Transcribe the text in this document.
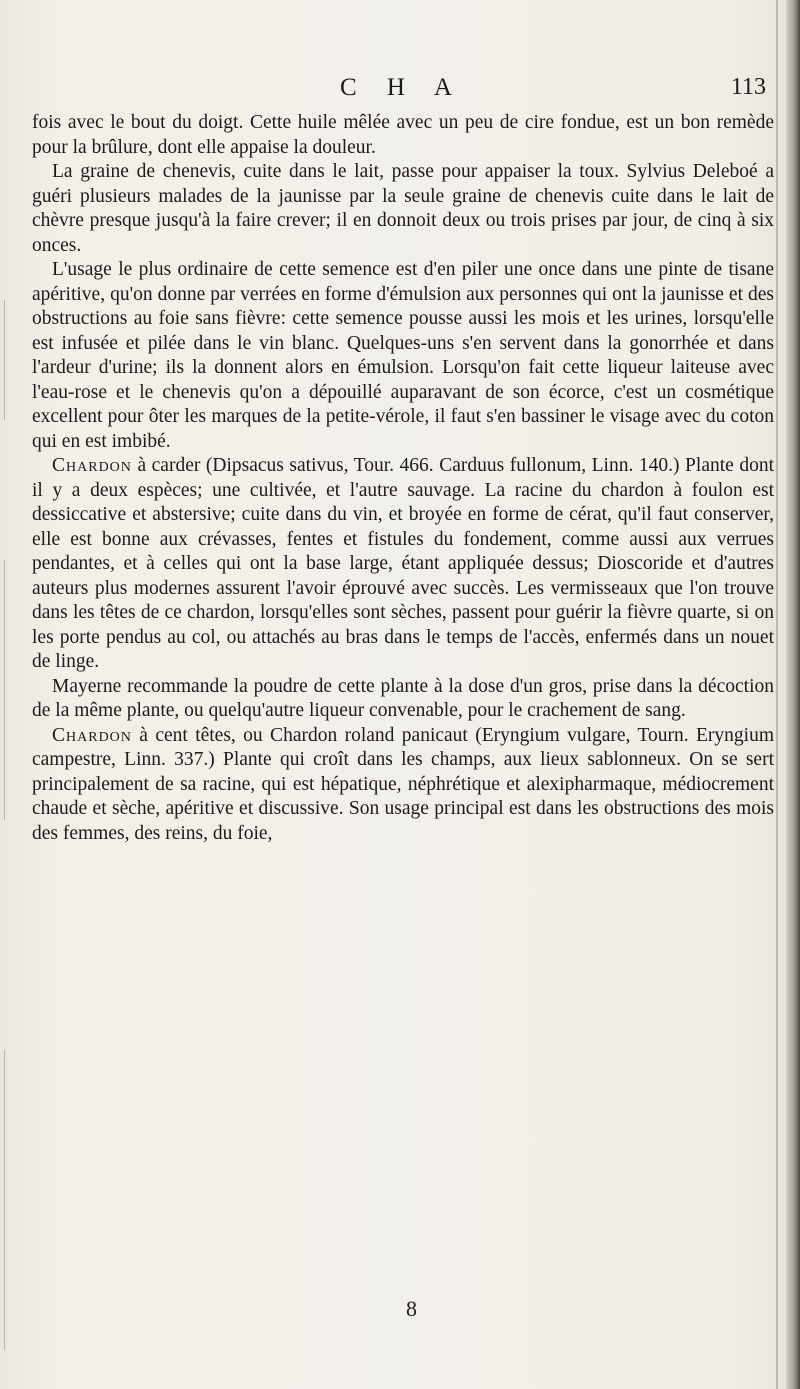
C H A	113

fois avec le bout du doigt. Cette huile mêlée avec un peu de cire fondue, est un bon remède pour la brûlure, dont elle appaise la douleur.

La graine de chenevis, cuite dans le lait, passe pour appaiser la toux. Sylvius Deleboé a guéri plusieurs malades de la jaunisse par la seule graine de chenevis cuite dans le lait de chèvre presque jusqu'à la faire crever; il en donnoit deux ou trois prises par jour, de cinq à six onces.

L'usage le plus ordinaire de cette semence est d'en piler une once dans une pinte de tisane apéritive, qu'on donne par verrées en forme d'émulsion aux personnes qui ont la jaunisse et des obstructions au foie sans fièvre: cette semence pousse aussi les mois et les urines, lorsqu'elle est infusée et pilée dans le vin blanc. Quelques-uns s'en servent dans la gonorrhée et dans l'ardeur d'urine; ils la donnent alors en émulsion. Lorsqu'on fait cette liqueur laiteuse avec l'eau-rose et le chenevis qu'on a dépouillé auparavant de son écorce, c'est un cosmétique excellent pour ôter les marques de la petite-vérole, il faut s'en bassiner le visage avec du coton qui en est imbibé.

Chardon à carder (Dipsacus sativus, Tour. 466. Carduus fullonum, Linn. 140.) Plante dont il y a deux espèces; une cultivée, et l'autre sauvage. La racine du chardon à foulon est dessiccative et abstersive; cuite dans du vin, et broyée en forme de cérat, qu'il faut conserver, elle est bonne aux crévasses, fentes et fistules du fondement, comme aussi aux verrues pendantes, et à celles qui ont la base large, étant appliquée dessus; Dioscoride et d'autres auteurs plus modernes assurent l'avoir éprouvé avec succès. Les vermisseaux que l'on trouve dans les têtes de ce chardon, lorsqu'elles sont sèches, passent pour guérir la fièvre quarte, si on les porte pendus au col, ou attachés au bras dans le temps de l'accès, enfermés dans un nouet de linge.

Mayerne recommande la poudre de cette plante à la dose d'un gros, prise dans la décoction de la même plante, ou quelqu'autre liqueur convenable, pour le crachement de sang.

Chardon à cent têtes, ou Chardon roland panicaut (Eryngium vulgare, Tourn. Eryngium campestre, Linn. 337.) Plante qui croît dans les champs, aux lieux sablonneux. On se sert principalement de sa racine, qui est hépatique, néphrétique et alexipharmaque, médiocrement chaude et sèche, apéritive et discussive. Son usage principal est dans les obstructions des mois des femmes, des reins, du foie,

8
